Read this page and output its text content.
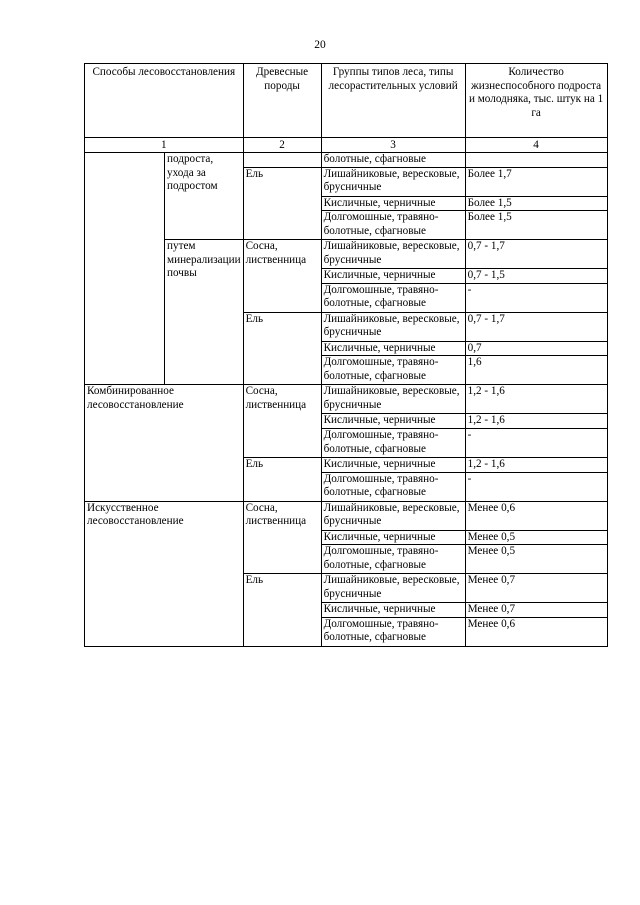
20
Способы лесовосстановления		Древесные породы	Группы типов леса, типы лесорастительных условий	Количество жизнеспособного подроста и молодняка, тыс. штук на 1 га
1		2	3	4
	подроста, ухода за подростом		болотные, сфагновые	
		Ель	Лишайниковые, вересковые, брусничные	Более 1,7
			Кисличные, черничные	Более 1,5
			Долгомошные, травяно-болотные, сфагновые	Более 1,5
	путем минерализации почвы	Сосна, лиственница	Лишайниковые, вересковые, брусничные	0,7 - 1,7
			Кисличные, черничные	0,7 - 1,5
			Долгомошные, травяно-болотные, сфагновые	-
		Ель	Лишайниковые, вересковые, брусничные	0,7 - 1,7
			Кисличные, черничные	0,7
			Долгомошные, травяно-болотные, сфагновые	1,6
Комбинированное лесовосстановление		Сосна, лиственница	Лишайниковые, вересковые, брусничные	1,2 - 1,6
			Кисличные, черничные	1,2 - 1,6
			Долгомошные, травяно-болотные, сфагновые	-
		Ель	Кисличные, черничные	1,2 - 1,6
			Долгомошные, травяно-болотные, сфагновые	-
Искусственное лесовосстановление		Сосна, лиственница	Лишайниковые, вересковые, брусничные	Менее 0,6
			Кисличные, черничные	Менее 0,5
			Долгомошные, травяно-болотные, сфагновые	Менее 0,5
		Ель	Лишайниковые, вересковые, брусничные	Менее 0,7
			Кисличные, черничные	Менее 0,7
			Долгомошные, травяно-болотные, сфагновые	Менее 0,6
